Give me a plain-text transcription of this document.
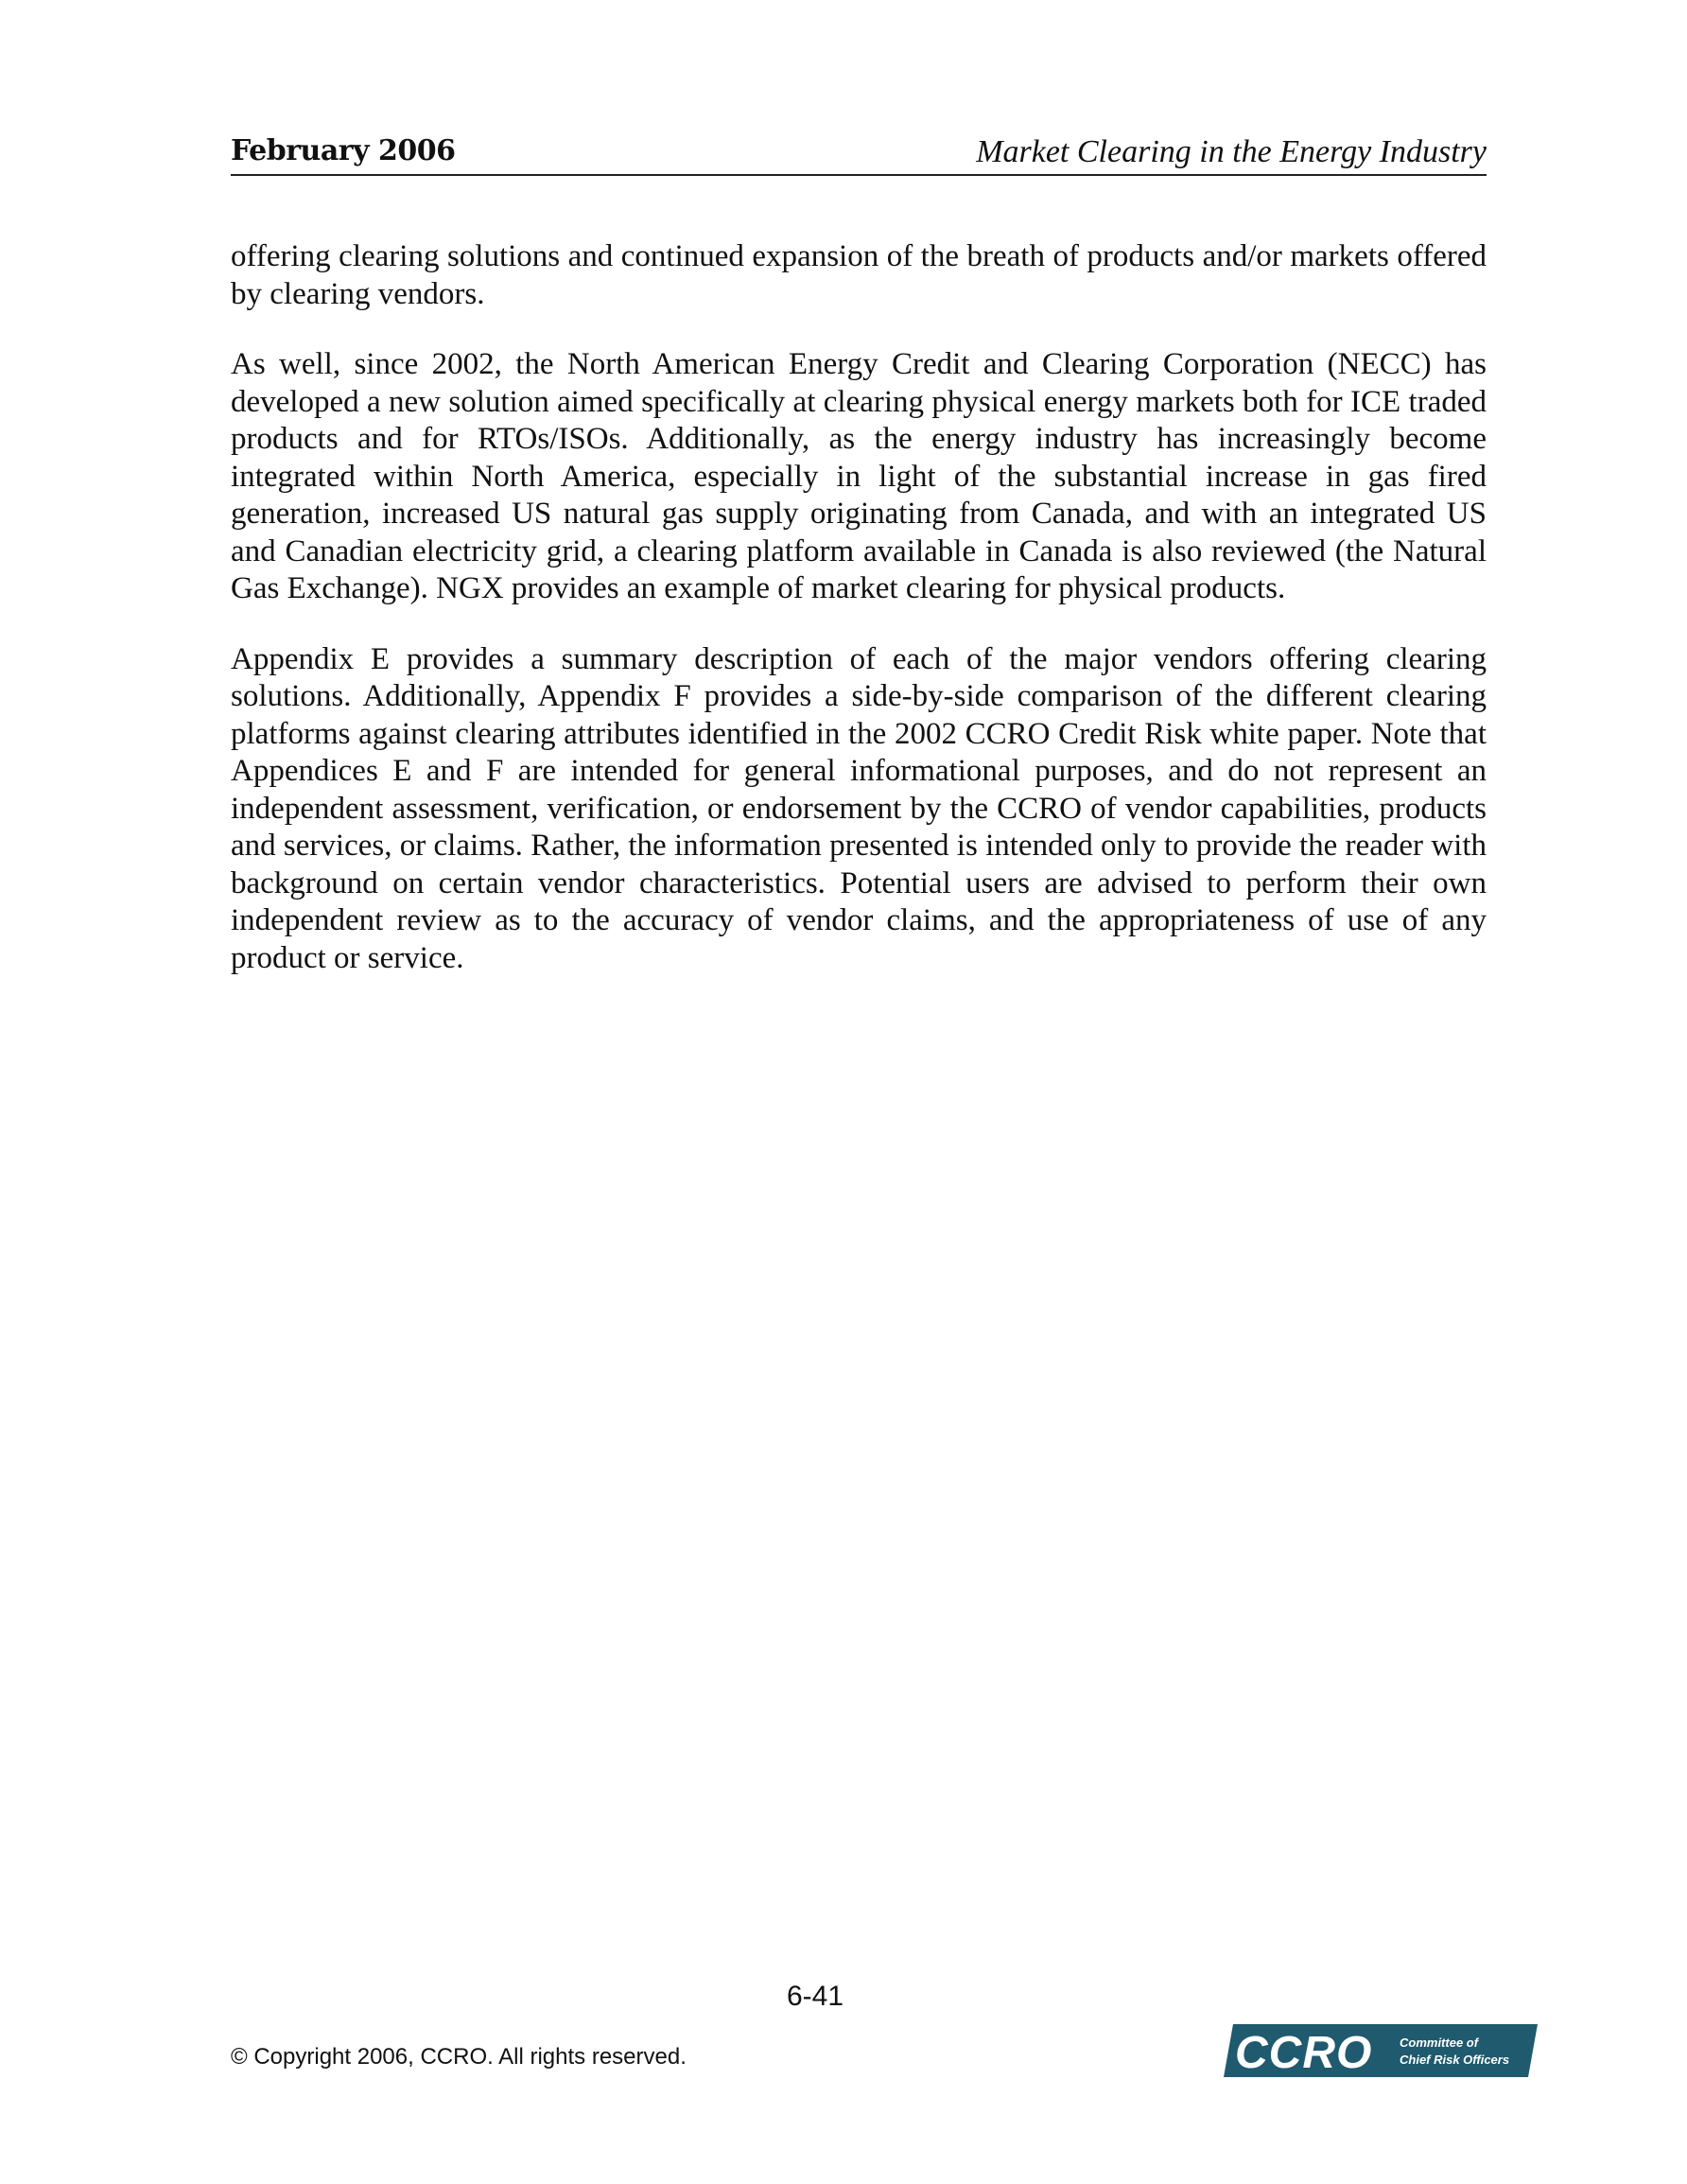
February 2006	Market Clearing in the Energy Industry

offering clearing solutions and continued expansion of the breath of products and/or markets offered by clearing vendors.

As well, since 2002, the North American Energy Credit and Clearing Corporation (NECC) has developed a new solution aimed specifically at clearing physical energy markets both for ICE traded products and for RTOs/ISOs. Additionally, as the energy industry has increasingly become integrated within North America, especially in light of the substantial increase in gas fired generation, increased US natural gas supply originating from Canada, and with an integrated US and Canadian electricity grid, a clearing platform available in Canada is also reviewed (the Natural Gas Exchange). NGX provides an example of market clearing for physical products.

Appendix E provides a summary description of each of the major vendors offering clearing solutions. Additionally, Appendix F provides a side-by-side comparison of the different clearing platforms against clearing attributes identified in the 2002 CCRO Credit Risk white paper. Note that Appendices E and F are intended for general informational purposes, and do not represent an independent assessment, verification, or endorsement by the CCRO of vendor capabilities, products and services, or claims. Rather, the information presented is intended only to provide the reader with background on certain vendor characteristics. Potential users are advised to perform their own independent review as to the accuracy of vendor claims, and the appropriateness of use of any product or service.

6-41
© Copyright 2006, CCRO. All rights reserved.	CCRO Committee of
Chief Risk Officers
